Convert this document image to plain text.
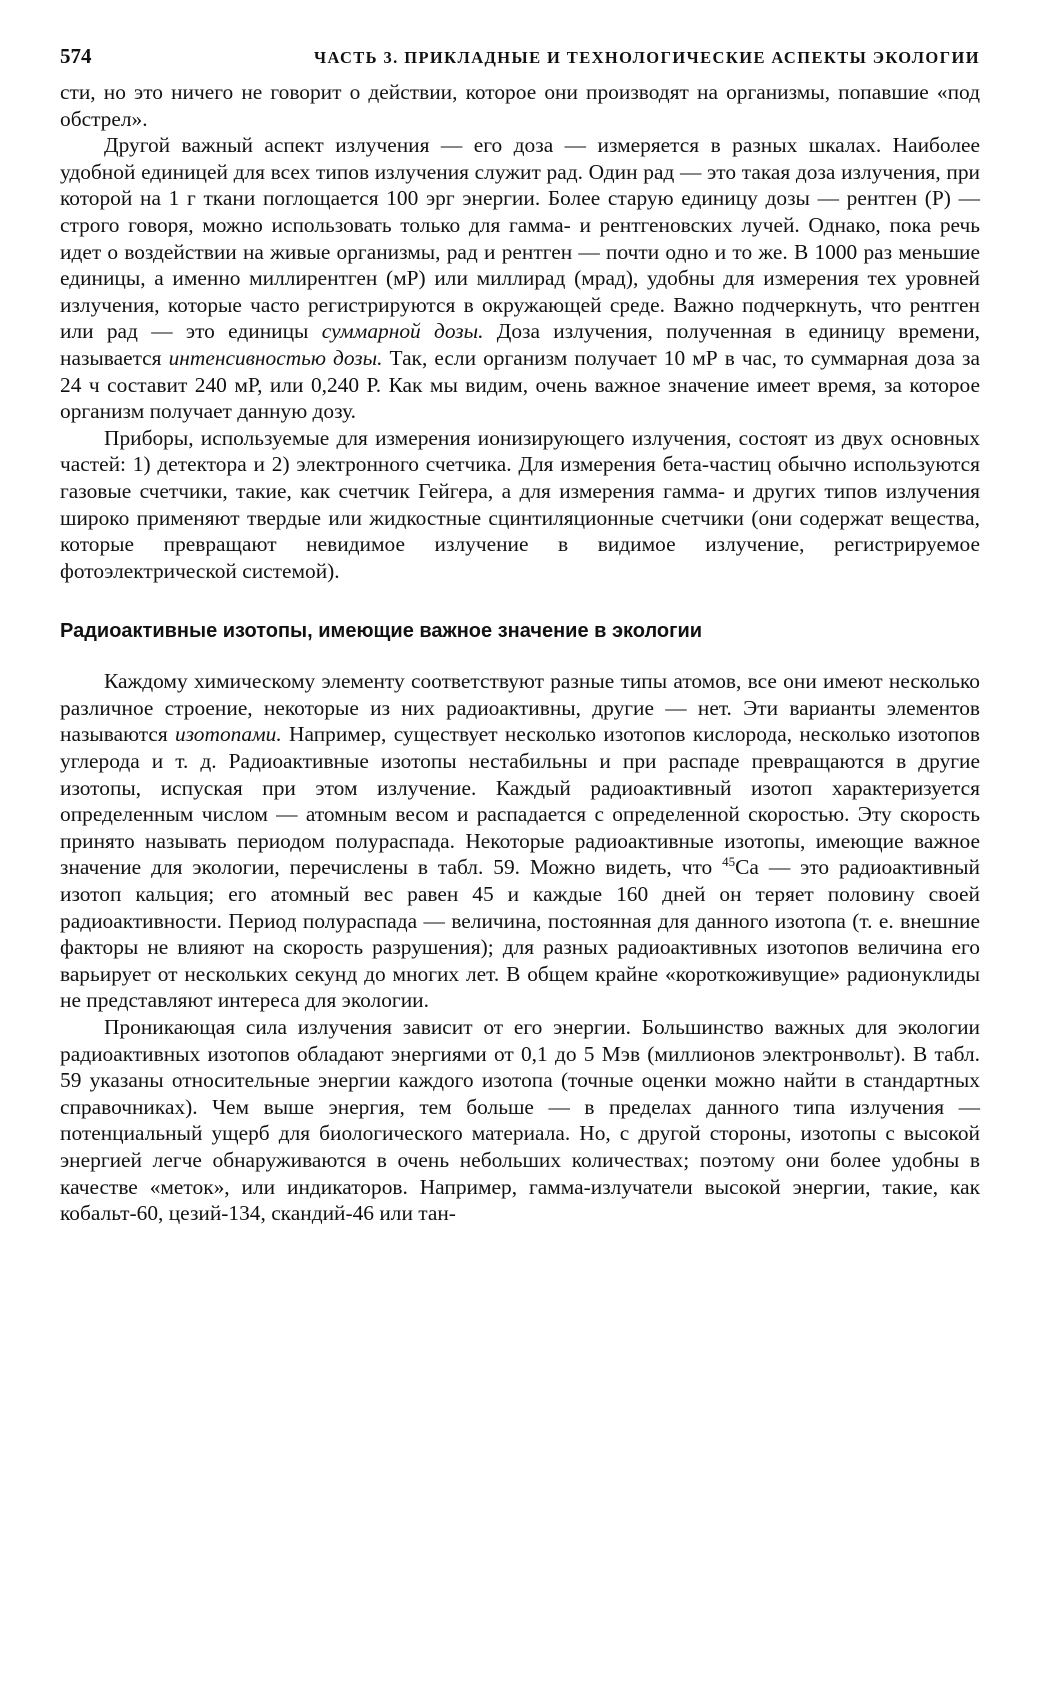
574	ЧАСТЬ 3. ПРИКЛАДНЫЕ И ТЕХНОЛОГИЧЕСКИЕ АСПЕКТЫ ЭКОЛОГИИ

сти, но это ничего не говорит о действии, которое они производят на организмы, попавшие «под обстрел».

Другой важный аспект излучения — его доза — измеряется в разных шкалах. Наиболее удобной единицей для всех типов излучения служит рад. Один рад — это такая доза излучения, при которой на 1 г ткани поглощается 100 эрг энергии. Более старую единицу дозы — рентген (Р) — строго говоря, можно использовать только для гамма- и рентгеновских лучей. Однако, пока речь идет о воздействии на живые организмы, рад и рентген — почти одно и то же. В 1000 раз меньшие единицы, а именно миллирентген (мР) или миллирад (мрад), удобны для измерения тех уровней излучения, которые часто регистрируются в окружающей среде. Важно подчеркнуть, что рентген или рад — это единицы суммарной дозы. Доза излучения, полученная в единицу времени, называется интенсивностью дозы. Так, если организм получает 10 мР в час, то суммарная доза за 24 ч составит 240 мР, или 0,240 Р. Как мы видим, очень важное значение имеет время, за которое организм получает данную дозу.

Приборы, используемые для измерения ионизирующего излучения, состоят из двух основных частей: 1) детектора и 2) электронного счетчика. Для измерения бета-частиц обычно используются газовые счетчики, такие, как счетчик Гейгера, а для измерения гамма- и других типов излучения широко применяют твердые или жидкостные сцинтиляционные счетчики (они содержат вещества, которые превращают невидимое излучение в видимое излучение, регистрируемое фотоэлектрической системой).

Радиоактивные изотопы, имеющие важное значение в экологии

Каждому химическому элементу соответствуют разные типы атомов, все они имеют несколько различное строение, некоторые из них радиоактивны, другие — нет. Эти варианты элементов называются изотопами. Например, существует несколько изотопов кислорода, несколько изотопов углерода и т. д. Радиоактивные изотопы нестабильны и при распаде превращаются в другие изотопы, испуская при этом излучение. Каждый радиоактивный изотоп характеризуется определенным числом — атомным весом и распадается с определенной скоростью. Эту скорость принято называть периодом полураспада. Некоторые радиоактивные изотопы, имеющие важное значение для экологии, перечислены в табл. 59. Можно видеть, что $^{45}$Ca — это радиоактивный изотоп кальция; его атомный вес равен 45 и каждые 160 дней он теряет половину своей радиоактивности. Период полураспада — величина, постоянная для данного изотопа (т. е. внешние факторы не влияют на скорость разрушения); для разных радиоактивных изотопов величина его варьирует от нескольких секунд до многих лет. В общем крайне «короткоживущие» радионуклиды не представляют интереса для экологии.

Проникающая сила излучения зависит от его энергии. Большинство важных для экологии радиоактивных изотопов обладают энергиями от 0,1 до 5 Мэв (миллионов электронвольт). В табл. 59 указаны относительные энергии каждого изотопа (точные оценки можно найти в стандартных справочниках). Чем выше энергия, тем больше — в пределах данного типа излучения — потенциальный ущерб для биологического материала. Но, с другой стороны, изотопы с высокой энергией легче обнаруживаются в очень небольших количествах; поэтому они более удобны в качестве «меток», или индикаторов. Например, гамма-излучатели высокой энергии, такие, как кобальт-60, цезий-134, скандий-46 или тан-
